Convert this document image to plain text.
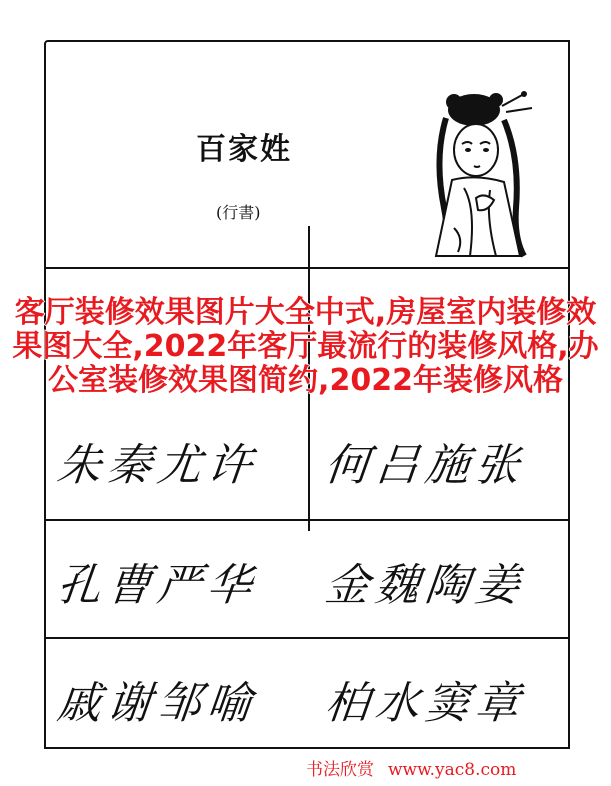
百家姓
(行書)
朱秦尤许	何吕施张
孔曹严华	金魏陶姜
戚谢邹喻	柏水窦章
客厅装修效果图片大全中式,房屋室内装修效果图大全,2022年客厅最流行的装修风格,办公室装修效果图简约,2022年装修风格
书法欣赏 www.yac8.com
